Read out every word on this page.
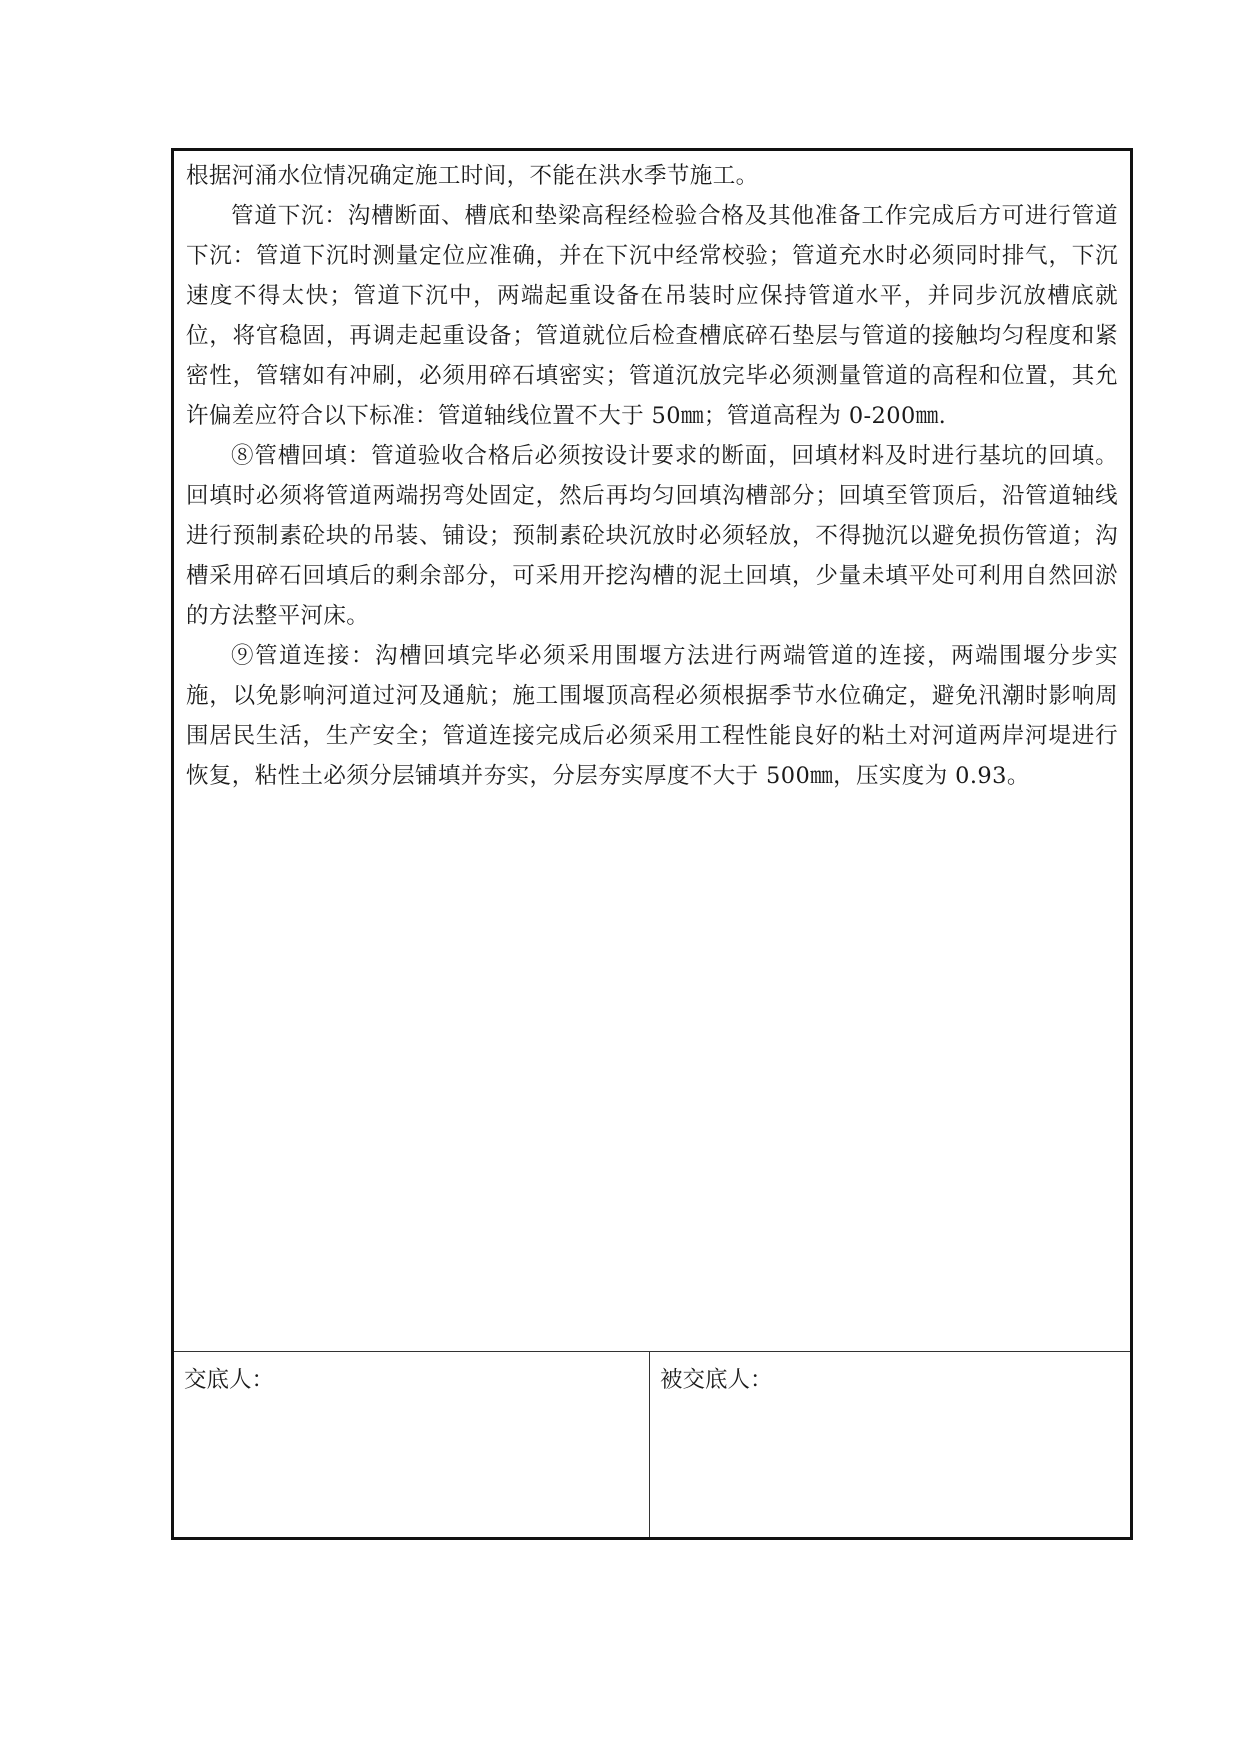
根据河涌水位情况确定施工时间，不能在洪水季节施工。

管道下沉：沟槽断面、槽底和垫梁高程经检验合格及其他准备工作完成后方可进行管道下沉：管道下沉时测量定位应准确，并在下沉中经常校验；管道充水时必须同时排气，下沉速度不得太快；管道下沉中，两端起重设备在吊装时应保持管道水平，并同步沉放槽底就位，将官稳固，再调走起重设备；管道就位后检查槽底碎石垫层与管道的接触均匀程度和紧密性，管辖如有冲刷，必须用碎石填密实；管道沉放完毕必须测量管道的高程和位置，其允许偏差应符合以下标准：管道轴线位置不大于 50㎜；管道高程为 0-200㎜.

⑧管槽回填：管道验收合格后必须按设计要求的断面，回填材料及时进行基坑的回填。回填时必须将管道两端拐弯处固定，然后再均匀回填沟槽部分；回填至管顶后，沿管道轴线进行预制素砼块的吊装、铺设；预制素砼块沉放时必须轻放，不得抛沉以避免损伤管道；沟槽采用碎石回填后的剩余部分，可采用开挖沟槽的泥土回填，少量未填平处可利用自然回淤的方法整平河床。

⑨管道连接：沟槽回填完毕必须采用围堰方法进行两端管道的连接，两端围堰分步实施，以免影响河道过河及通航；施工围堰顶高程必须根据季节水位确定，避免汛潮时影响周围居民生活，生产安全；管道连接完成后必须采用工程性能良好的粘土对河道两岸河堤进行恢复，粘性土必须分层铺填并夯实，分层夯实厚度不大于 500㎜，压实度为 0.93。

交底人：	被交底人：
